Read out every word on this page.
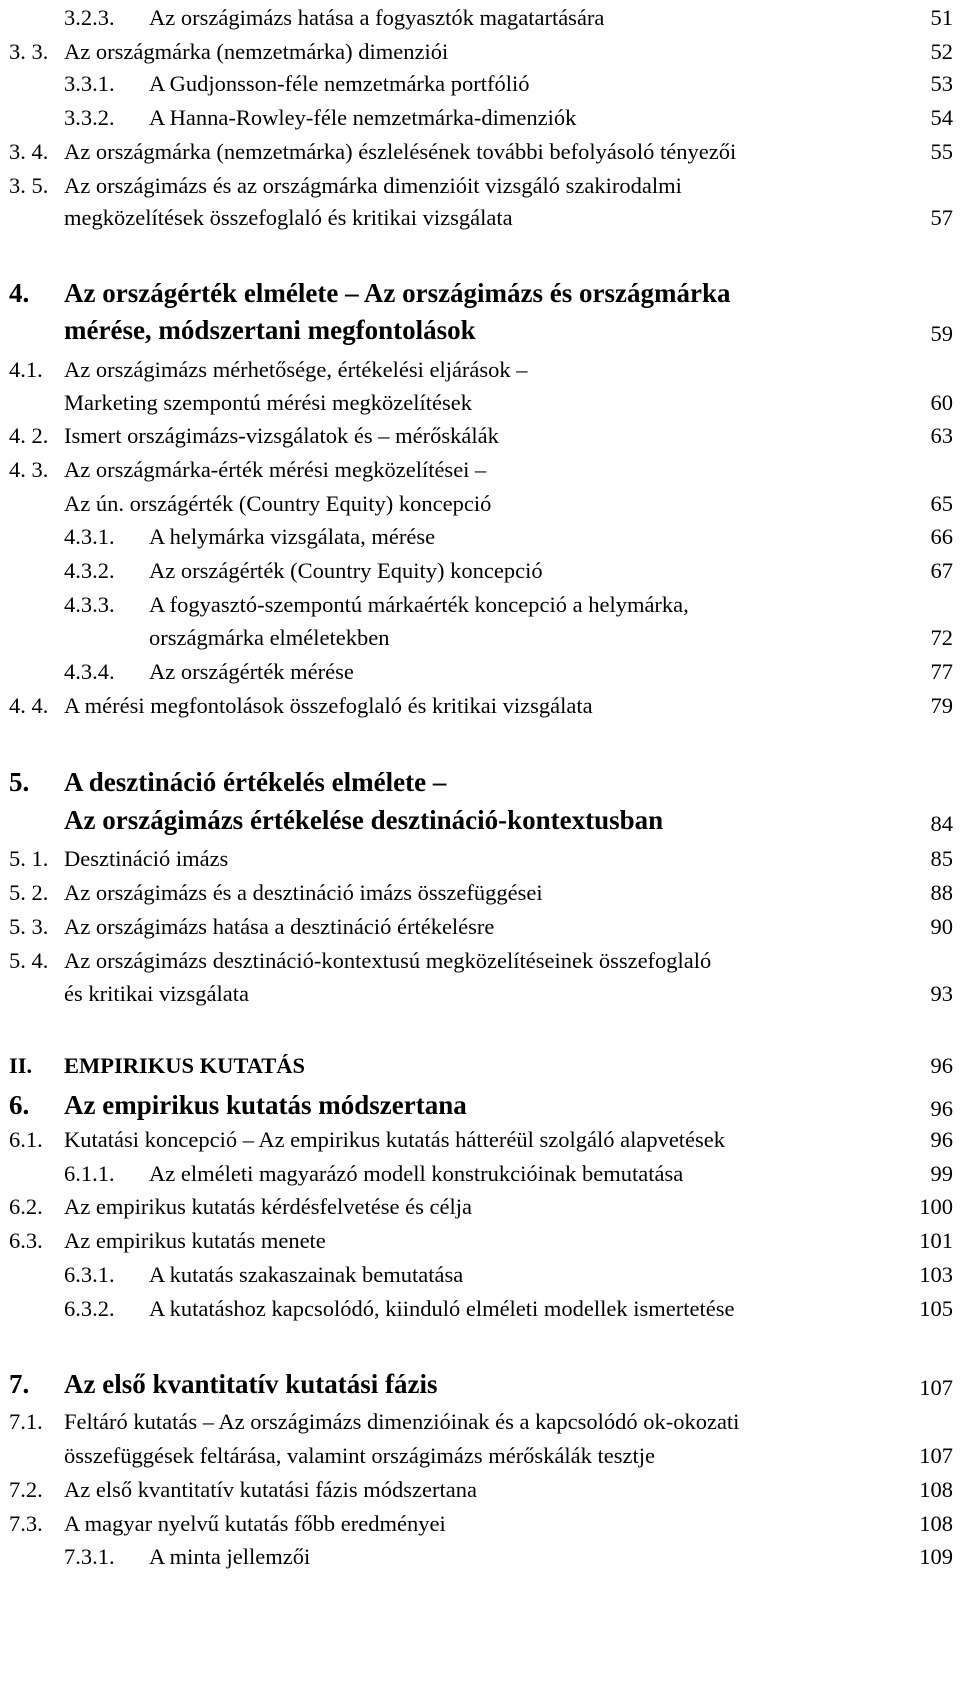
3.2.3. Az országimázs hatása a fogyasztók magatartására	51
3. 3. Az országmárka (nemzetmárka) dimenziói	52
3.3.1. A Gudjonsson-féle nemzetmárka portfólió	53
3.3.2. A Hanna-Rowley-féle nemzetmárka-dimenziók	54
3. 4. Az országmárka (nemzetmárka) észlelésének további befolyásoló tényezői	55
3. 5. Az országimázs és az országmárka dimenzióit vizsgáló szakirodalmi
megközelítések összefoglaló és kritikai vizsgálata	57
4. Az országérték elmélete – Az országimázs és országmárka
mérése, módszertani megfontolások	59
4.1. Az országimázs mérhetősége, értékelési eljárások –
Marketing szempontú mérési megközelítések	60
4. 2. Ismert országimázs-vizsgálatok és – mérőskálák	63
4. 3. Az országmárka-érték mérési megközelítései –
Az ún. országérték (Country Equity) koncepció	65
4.3.1. A helymárka vizsgálata, mérése	66
4.3.2. Az országérték (Country Equity) koncepció	67
4.3.3. A fogyasztó-szempontú márkaérték koncepció a helymárka,
országmárka elméletekben	72
4.3.4. Az országérték mérése	77
4. 4. A mérési megfontolások összefoglaló és kritikai vizsgálata	79
5. A desztináció értékelés elmélete –
Az országimázs értékelése desztináció-kontextusban	84
5. 1. Desztináció imázs	85
5. 2. Az országimázs és a desztináció imázs összefüggései	88
5. 3. Az országimázs hatása a desztináció értékelésre	90
5. 4. Az országimázs desztináció-kontextusú megközelítéseinek összefoglaló
és kritikai vizsgálata	93
II. EMPIRIKUS KUTATÁS	96
6. Az empirikus kutatás módszertana	96
6.1. Kutatási koncepció – Az empirikus kutatás hátteréül szolgáló alapvetések	96
6.1.1. Az elméleti magyarázó modell konstrukcióinak bemutatása	99
6.2. Az empirikus kutatás kérdésfelvetése és célja	100
6.3. Az empirikus kutatás menete	101
6.3.1. A kutatás szakaszainak bemutatása	103
6.3.2. A kutatáshoz kapcsolódó, kiinduló elméleti modellek ismertetése	105
7. Az első kvantitatív kutatási fázis	107
7.1. Feltáró kutatás – Az országimázs dimenzióinak és a kapcsolódó ok-okozati
összefüggések feltárása, valamint országimázs mérőskálák tesztje	107
7.2. Az első kvantitatív kutatási fázis módszertana	108
7.3. A magyar nyelvű kutatás főbb eredményei	108
7.3.1. A minta jellemzői	109
